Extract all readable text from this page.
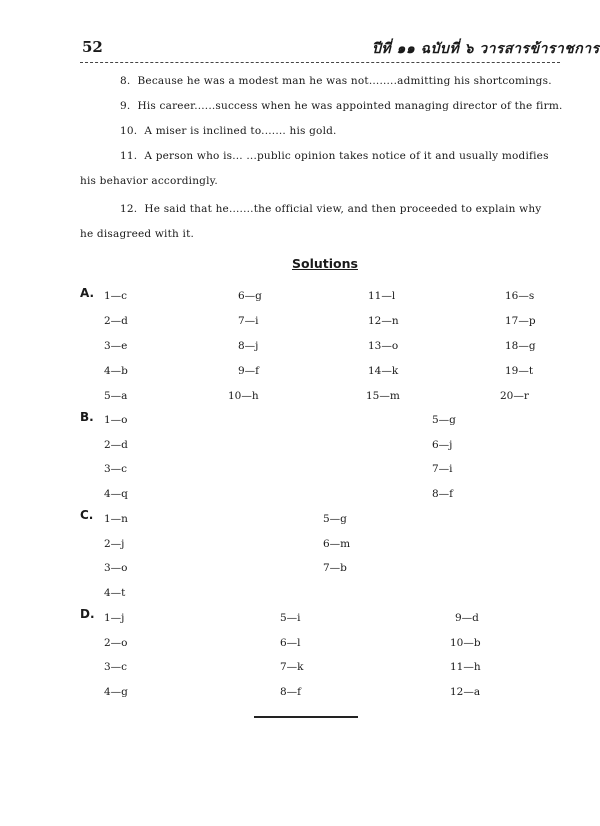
52	ปีที่ ๑๑ ฉบับที่ ๖ วารสารข้าราชการ
8. Because he was a modest man he was not........admitting his shortcomings.
9. His career......success when he was appointed managing director of the firm.
10. A miser is inclined to....... his gold.
11. A person who is... ...public opinion takes notice of it and usually modifies
his behavior accordingly.
12. He said that he.......the official view, and then proceeded to explain why
he disagreed with it.
Solutions
A. 1—c	6—g	11—l	16—s
2—d	7—i	12—n	17—p
3—e	8—j	13—o	18—g
4—b	9—f	14—k	19—t
5—a	10—h	15—m	20—r
B. 1—o	5—g
2—d	6—j
3—c	7—i
4—q	8—f
C. 1—n	5—g
2—j	6—m
3—o	7—b
4—t
D. 1—j	5—i	9—d
2—o	6—l	10—b
3—c	7—k	11—h
4—g	8—f	12—a
